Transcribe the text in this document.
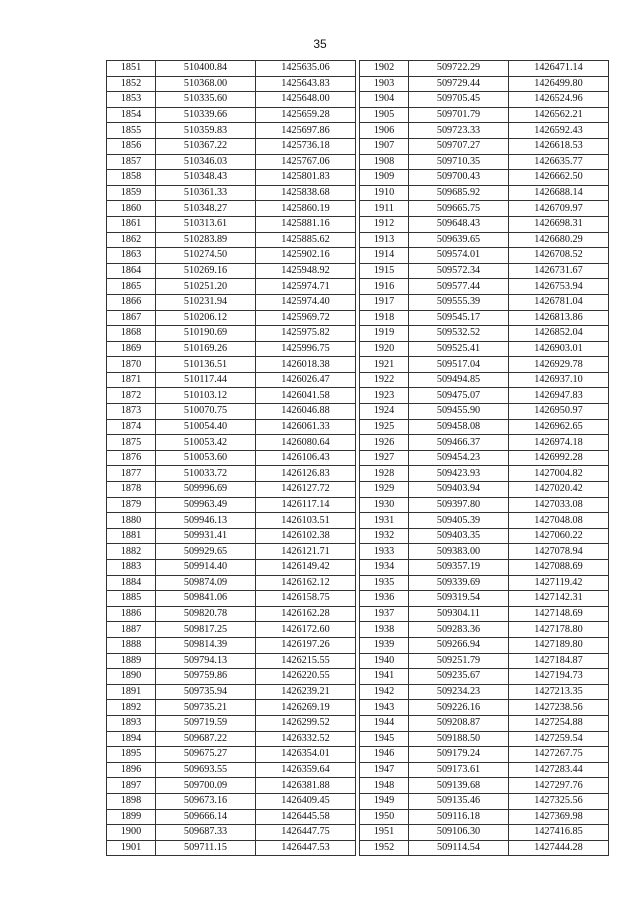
35
1851	510400.84	1425635.06
1852	510368.00	1425643.83
1853	510335.60	1425648.00
1854	510339.66	1425659.28
1855	510359.83	1425697.86
1856	510367.22	1425736.18
1857	510346.03	1425767.06
1858	510348.43	1425801.83
1859	510361.33	1425838.68
1860	510348.27	1425860.19
1861	510313.61	1425881.16
1862	510283.89	1425885.62
1863	510274.50	1425902.16
1864	510269.16	1425948.92
1865	510251.20	1425974.71
1866	510231.94	1425974.40
1867	510206.12	1425969.72
1868	510190.69	1425975.82
1869	510169.26	1425996.75
1870	510136.51	1426018.38
1871	510117.44	1426026.47
1872	510103.12	1426041.58
1873	510070.75	1426046.88
1874	510054.40	1426061.33
1875	510053.42	1426080.64
1876	510053.60	1426106.43
1877	510033.72	1426126.83
1878	509996.69	1426127.72
1879	509963.49	1426117.14
1880	509946.13	1426103.51
1881	509931.41	1426102.38
1882	509929.65	1426121.71
1883	509914.40	1426149.42
1884	509874.09	1426162.12
1885	509841.06	1426158.75
1886	509820.78	1426162.28
1887	509817.25	1426172.60
1888	509814.39	1426197.26
1889	509794.13	1426215.55
1890	509759.86	1426220.55
1891	509735.94	1426239.21
1892	509735.21	1426269.19
1893	509719.59	1426299.52
1894	509687.22	1426332.52
1895	509675.27	1426354.01
1896	509693.55	1426359.64
1897	509700.09	1426381.88
1898	509673.16	1426409.45
1899	509666.14	1426445.58
1900	509687.33	1426447.75
1901	509711.15	1426447.53
1902	509722.29	1426471.14
1903	509729.44	1426499.80
1904	509705.45	1426524.96
1905	509701.79	1426562.21
1906	509723.33	1426592.43
1907	509707.27	1426618.53
1908	509710.35	1426635.77
1909	509700.43	1426662.50
1910	509685.92	1426688.14
1911	509665.75	1426709.97
1912	509648.43	1426698.31
1913	509639.65	1426680.29
1914	509574.01	1426708.52
1915	509572.34	1426731.67
1916	509577.44	1426753.94
1917	509555.39	1426781.04
1918	509545.17	1426813.86
1919	509532.52	1426852.04
1920	509525.41	1426903.01
1921	509517.04	1426929.78
1922	509494.85	1426937.10
1923	509475.07	1426947.83
1924	509455.90	1426950.97
1925	509458.08	1426962.65
1926	509466.37	1426974.18
1927	509454.23	1426992.28
1928	509423.93	1427004.82
1929	509403.94	1427020.42
1930	509397.80	1427033.08
1931	509405.39	1427048.08
1932	509403.35	1427060.22
1933	509383.00	1427078.94
1934	509357.19	1427088.69
1935	509339.69	1427119.42
1936	509319.54	1427142.31
1937	509304.11	1427148.69
1938	509283.36	1427178.80
1939	509266.94	1427189.80
1940	509251.79	1427184.87
1941	509235.67	1427194.73
1942	509234.23	1427213.35
1943	509226.16	1427238.56
1944	509208.87	1427254.88
1945	509188.50	1427259.54
1946	509179.24	1427267.75
1947	509173.61	1427283.44
1948	509139.68	1427297.76
1949	509135.46	1427325.56
1950	509116.18	1427369.98
1951	509106.30	1427416.85
1952	509114.54	1427444.28
